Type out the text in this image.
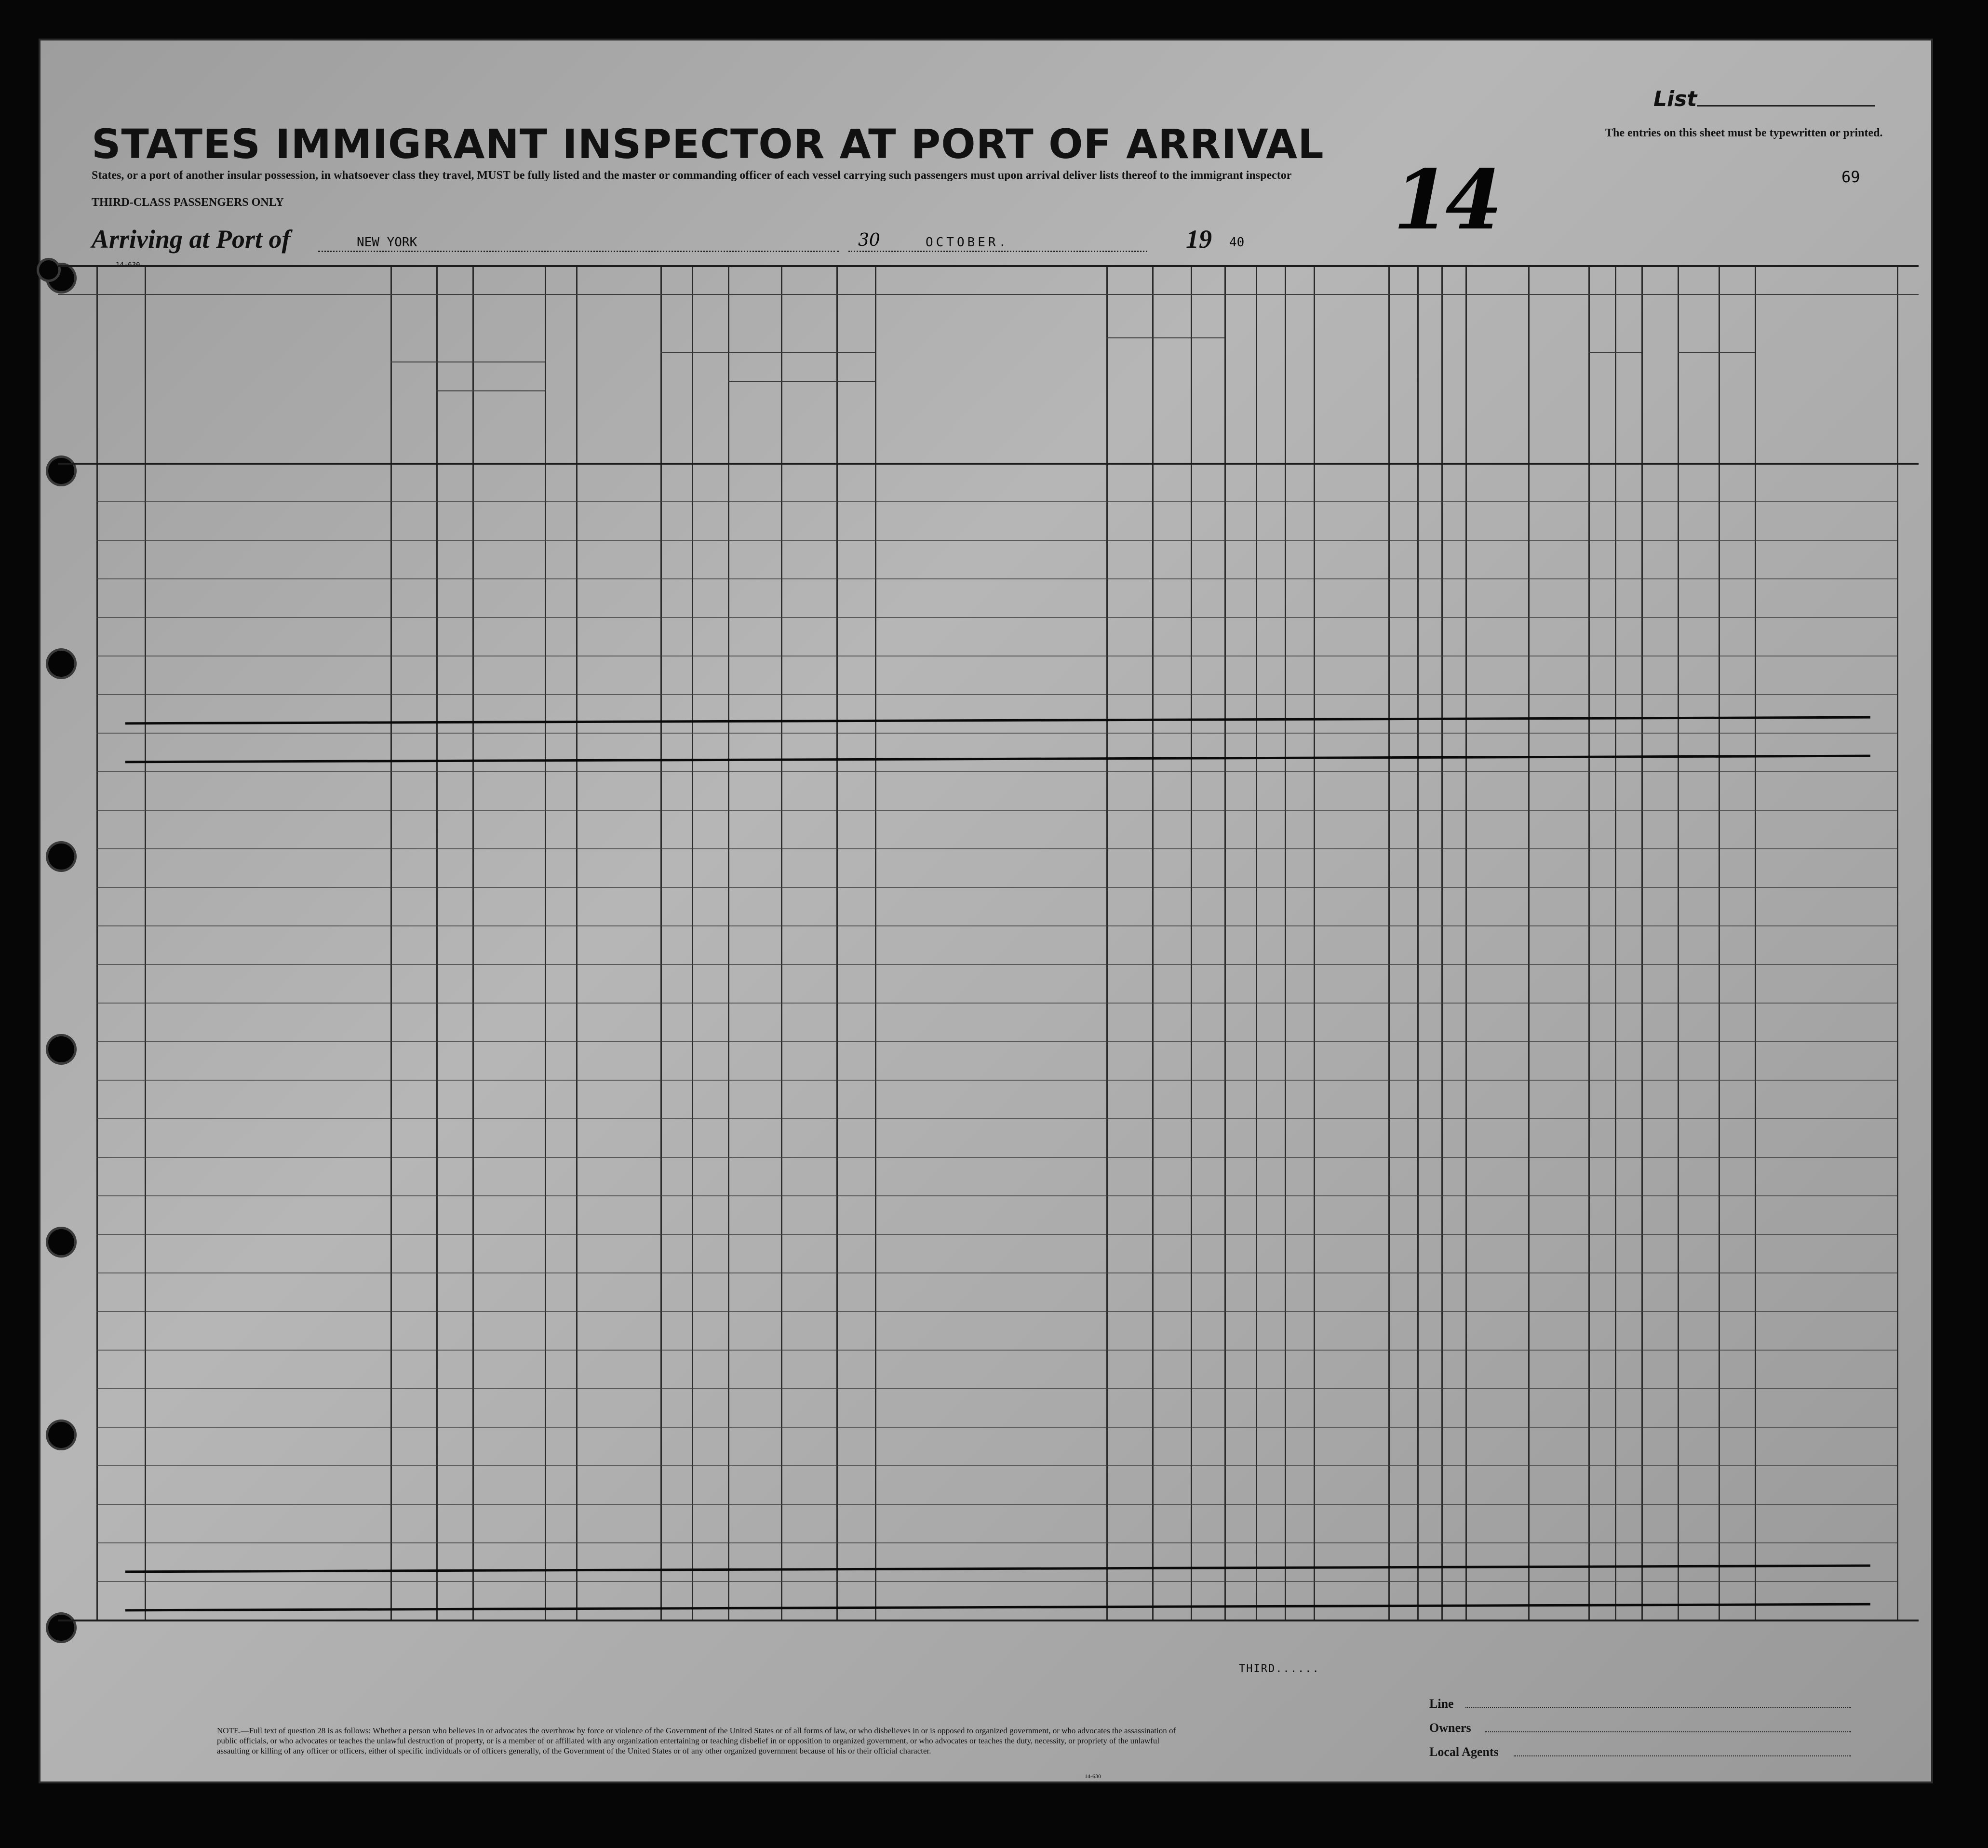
List
STATES IMMIGRANT INSPECTOR AT PORT OF ARRIVAL	The entries on this sheet must be typewritten or printed.
14	69
States, or a port of another insular possession, in whatsoever class they travel, MUST be fully listed and the master or commanding officer of each vessel carrying such passengers must upon arrival deliver lists thereof to the immigrant inspector
THIRD-CLASS PASSENGERS ONLY
Arriving at Port of	NEW YORK	30	OCTOBER.	19 40
THIRD......
Line
Owners
Local Agents
NOTE.—Full text of question 28 is as follows: Whether a person who believes in or advocates the overthrow by force or violence of the Government of the United States or of all forms of law, or who disbelieves in or is opposed to organized government, or who advocates the assassination of public officials, or who advocates or teaches the unlawful destruction of property, or is a member of or affiliated with any organization entertaining or teaching disbelief in or opposition to organized government, or who advocates or teaches the duty, necessity, or propriety of the unlawful assaulting or killing of any officer or officers, either of specific individuals or of officers generally, of the Government of the United States or of any other organized government because of his or their official character.
14-630
